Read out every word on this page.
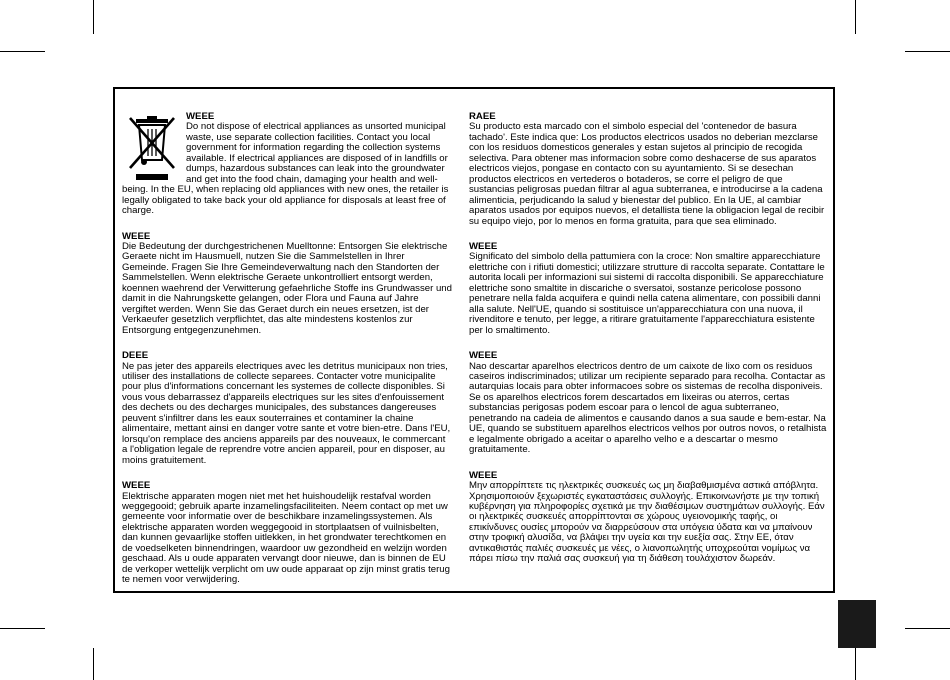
WEEE

Do not dispose of electrical appliances as unsorted municipal waste, use separate collection facilities. Contact you local government for information regarding the collection systems available. If electrical appliances are disposed of in landfills or dumps, hazardous substances can leak into the groundwater and get into the food chain, damaging your health and well-being. In the EU, when replacing old appliances with new ones, the retailer is legally obligated to take back your old appliance for disposals at least free of charge.

WEEE

Die Bedeutung der durchgestrichenen Muelltonne: Entsorgen Sie elektrische Geraete nicht im Hausmuell, nutzen Sie die Sammelstellen in Ihrer Gemeinde. Fragen Sie Ihre Gemeindeverwaltung nach den Standorten der Sammelstellen. Wenn elektrische Geraete unkontrolliert entsorgt werden, koennen waehrend der Verwitterung gefaehrliche Stoffe ins Grundwasser und damit in die Nahrungskette gelangen, oder Flora und Fauna auf Jahre vergiftet werden. Wenn Sie das Geraet durch ein neues ersetzen, ist der Verkaeufer gesetzlich verpflichtet, das alte mindestens kostenlos zur Entsorgung entgegenzunehmen.

DEEE

Ne pas jeter des appareils electriques avec les detritus municipaux non tries, utiliser des installations de collecte separees. Contacter votre municipalite pour plus d'informations concernant les systemes de collecte disponibles. Si vous vous debarrassez d'appareils electriques sur les sites d'enfouissement des dechets ou des decharges municipales, des substances dangereuses peuvent s'infiltrer dans les eaux souterraines et contaminer la chaine alimentaire, mettant ainsi en danger votre sante et votre bien-etre. Dans l'EU, lorsqu'on remplace des anciens appareils par des nouveaux, le commercant a l'obligation legale de reprendre votre ancien appareil, pour en disposer, au moins gratuitement.

WEEE

Elektrische apparaten mogen niet met het huishoudelijk restafval worden weggegooid; gebruik aparte inzamelingsfaciliteiten. Neem contact op met uw gemeente voor informatie over de beschikbare inzamelingssystemen. Als elektrische apparaten worden weggegooid in stortplaatsen of vuilnisbelten, dan kunnen gevaarlijke stoffen uitlekken, in het grondwater terechtkomen en de voedselketen binnendringen, waardoor uw gezondheid en welzijn worden geschaad. Als u oude apparaten vervangt door nieuwe, dan is binnen de EU de verkoper wettelijk verplicht om uw oude apparaat op zijn minst gratis terug te nemen voor verwijdering.

RAEE

Su producto esta marcado con el simbolo especial del 'contenedor de basura tachado'. Este indica que: Los productos electricos usados no deberian mezclarse con los residuos domesticos generales y estan sujetos al principio de recogida selectiva. Para obtener mas informacion sobre como deshacerse de sus aparatos electricos viejos, pongase en contacto con su ayuntamiento. Si se desechan productos electricos en vertederos o botaderos, se corre el peligro de que sustancias peligrosas puedan filtrar al agua subterranea, e introducirse a la cadena alimenticia, perjudicando la salud y bienestar del publico. En la UE, al cambiar aparatos usados por equipos nuevos, el detallista tiene la obligacion legal de recibir su equipo viejo, por lo menos en forma gratuita, para que sea eliminado.

WEEE

Significato del simbolo della pattumiera con la croce: Non smaltire apparecchiature elettriche con i rifiuti domestici; utilizzare strutture di raccolta separate. Contattare le autorita locali per informazioni sui sistemi di raccolta disponibili. Se apparecchiature elettriche sono smaltite in discariche o sversatoi, sostanze pericolose possono penetrare nella falda acquifera e quindi nella catena alimentare, con possibili danni alla salute. Nell'UE, quando si sostituisce un'apparecchiatura con una nuova, il rivenditore e tenuto, per legge, a ritirare gratuitamente l'apparecchiatura esistente per lo smaltimento.

WEEE

Nao descartar aparelhos electricos dentro de um caixote de lixo com os residuos caseiros indiscriminados; utilizar um recipiente separado para recolha. Contactar as autarquias locais para obter informacoes sobre os sistemas de recolha disponiveis. Se os aparelhos electricos forem descartados em lixeiras ou aterros, certas substancias perigosas podem escoar para o lencol de agua subterraneo, penetrando na cadeia de alimentos e causando danos a sua saude e bem-estar. Na UE, quando se substituem aparelhos electricos velhos por outros novos, o retalhista e legalmente obrigado a aceitar o aparelho velho e a descartar o mesmo gratuitamente.

WEEE

Μην απορρίπτετε τις ηλεκτρικές συσκευές ως μη διαβαθμισμένα αστικά απόβλητα. Χρησιμοποιούν ξεχωριστές εγκαταστάσεις συλλογής. Επικοινωνήστε με την τοπική κυβέρνηση για πληροφορίες σχετικά με την διαθέσιμων συστημάτων συλλογής. Εάν οι ηλεκτρικές συσκευές απορρίπτονται σε χώρους υγειονομικής ταφής, οι επικίνδυνες ουσίες μπορούν να διαρρεύσουν στα υπόγεια ύδατα και να μπαίνουν στην τροφική αλυσίδα, να βλάψει την υγεία και την ευεξία σας. Στην ΕΕ, όταν αντικαθιστάς παλιές συσκευές με νέες, ο λιανοπωλητής υποχρεούται νομίμως να πάρει πίσω την παλιά σας συσκευή για τη διάθεση τουλάχιστον δωρεάν.
